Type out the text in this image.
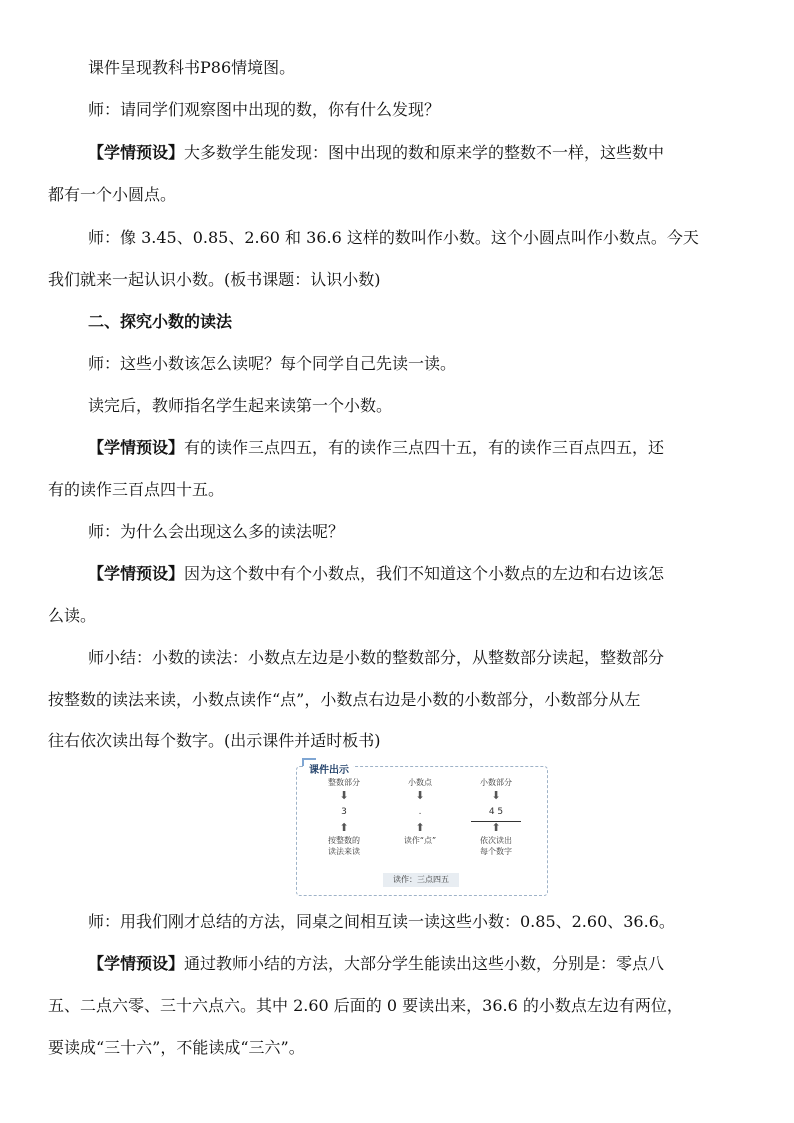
课件呈现教科书P86情境图。
师：请同学们观察图中出现的数，你有什么发现？
【学情预设】大多数学生能发现：图中出现的数和原来学的整数不一样，这些数中
都有一个小圆点。
师：像 3.45、0.85、2.60 和 36.6 这样的数叫作小数。这个小圆点叫作小数点。今天
我们就来一起认识小数。(板书课题：认识小数)
二、探究小数的读法
师：这些小数该怎么读呢？每个同学自己先读一读。
读完后，教师指名学生起来读第一个小数。
【学情预设】有的读作三点四五，有的读作三点四十五，有的读作三百点四五，还
有的读作三百点四十五。
师：为什么会出现这么多的读法呢？
【学情预设】因为这个数中有个小数点，我们不知道这个小数点的左边和右边该怎
么读。
师小结：小数的读法：小数点左边是小数的整数部分，从整数部分读起，整数部分
按整数的读法来读，小数点读作“点”，小数点右边是小数的小数部分，小数部分从左
往右依次读出每个数字。(出示课件并适时板书)
课件出示
整数部分
⬇
3
⬆
按整数的
读法来读
小数点
⬇
.
⬆
读作“点”
小数部分
⬇
4 5
⬆
依次读出
每个数字
读作：三点四五
师：用我们刚才总结的方法，同桌之间相互读一读这些小数：0.85、2.60、36.6。
【学情预设】通过教师小结的方法，大部分学生能读出这些小数，分别是：零点八
五、二点六零、三十六点六。其中 2.60 后面的 0 要读出来，36.6 的小数点左边有两位，
要读成“三十六”，不能读成“三六”。
